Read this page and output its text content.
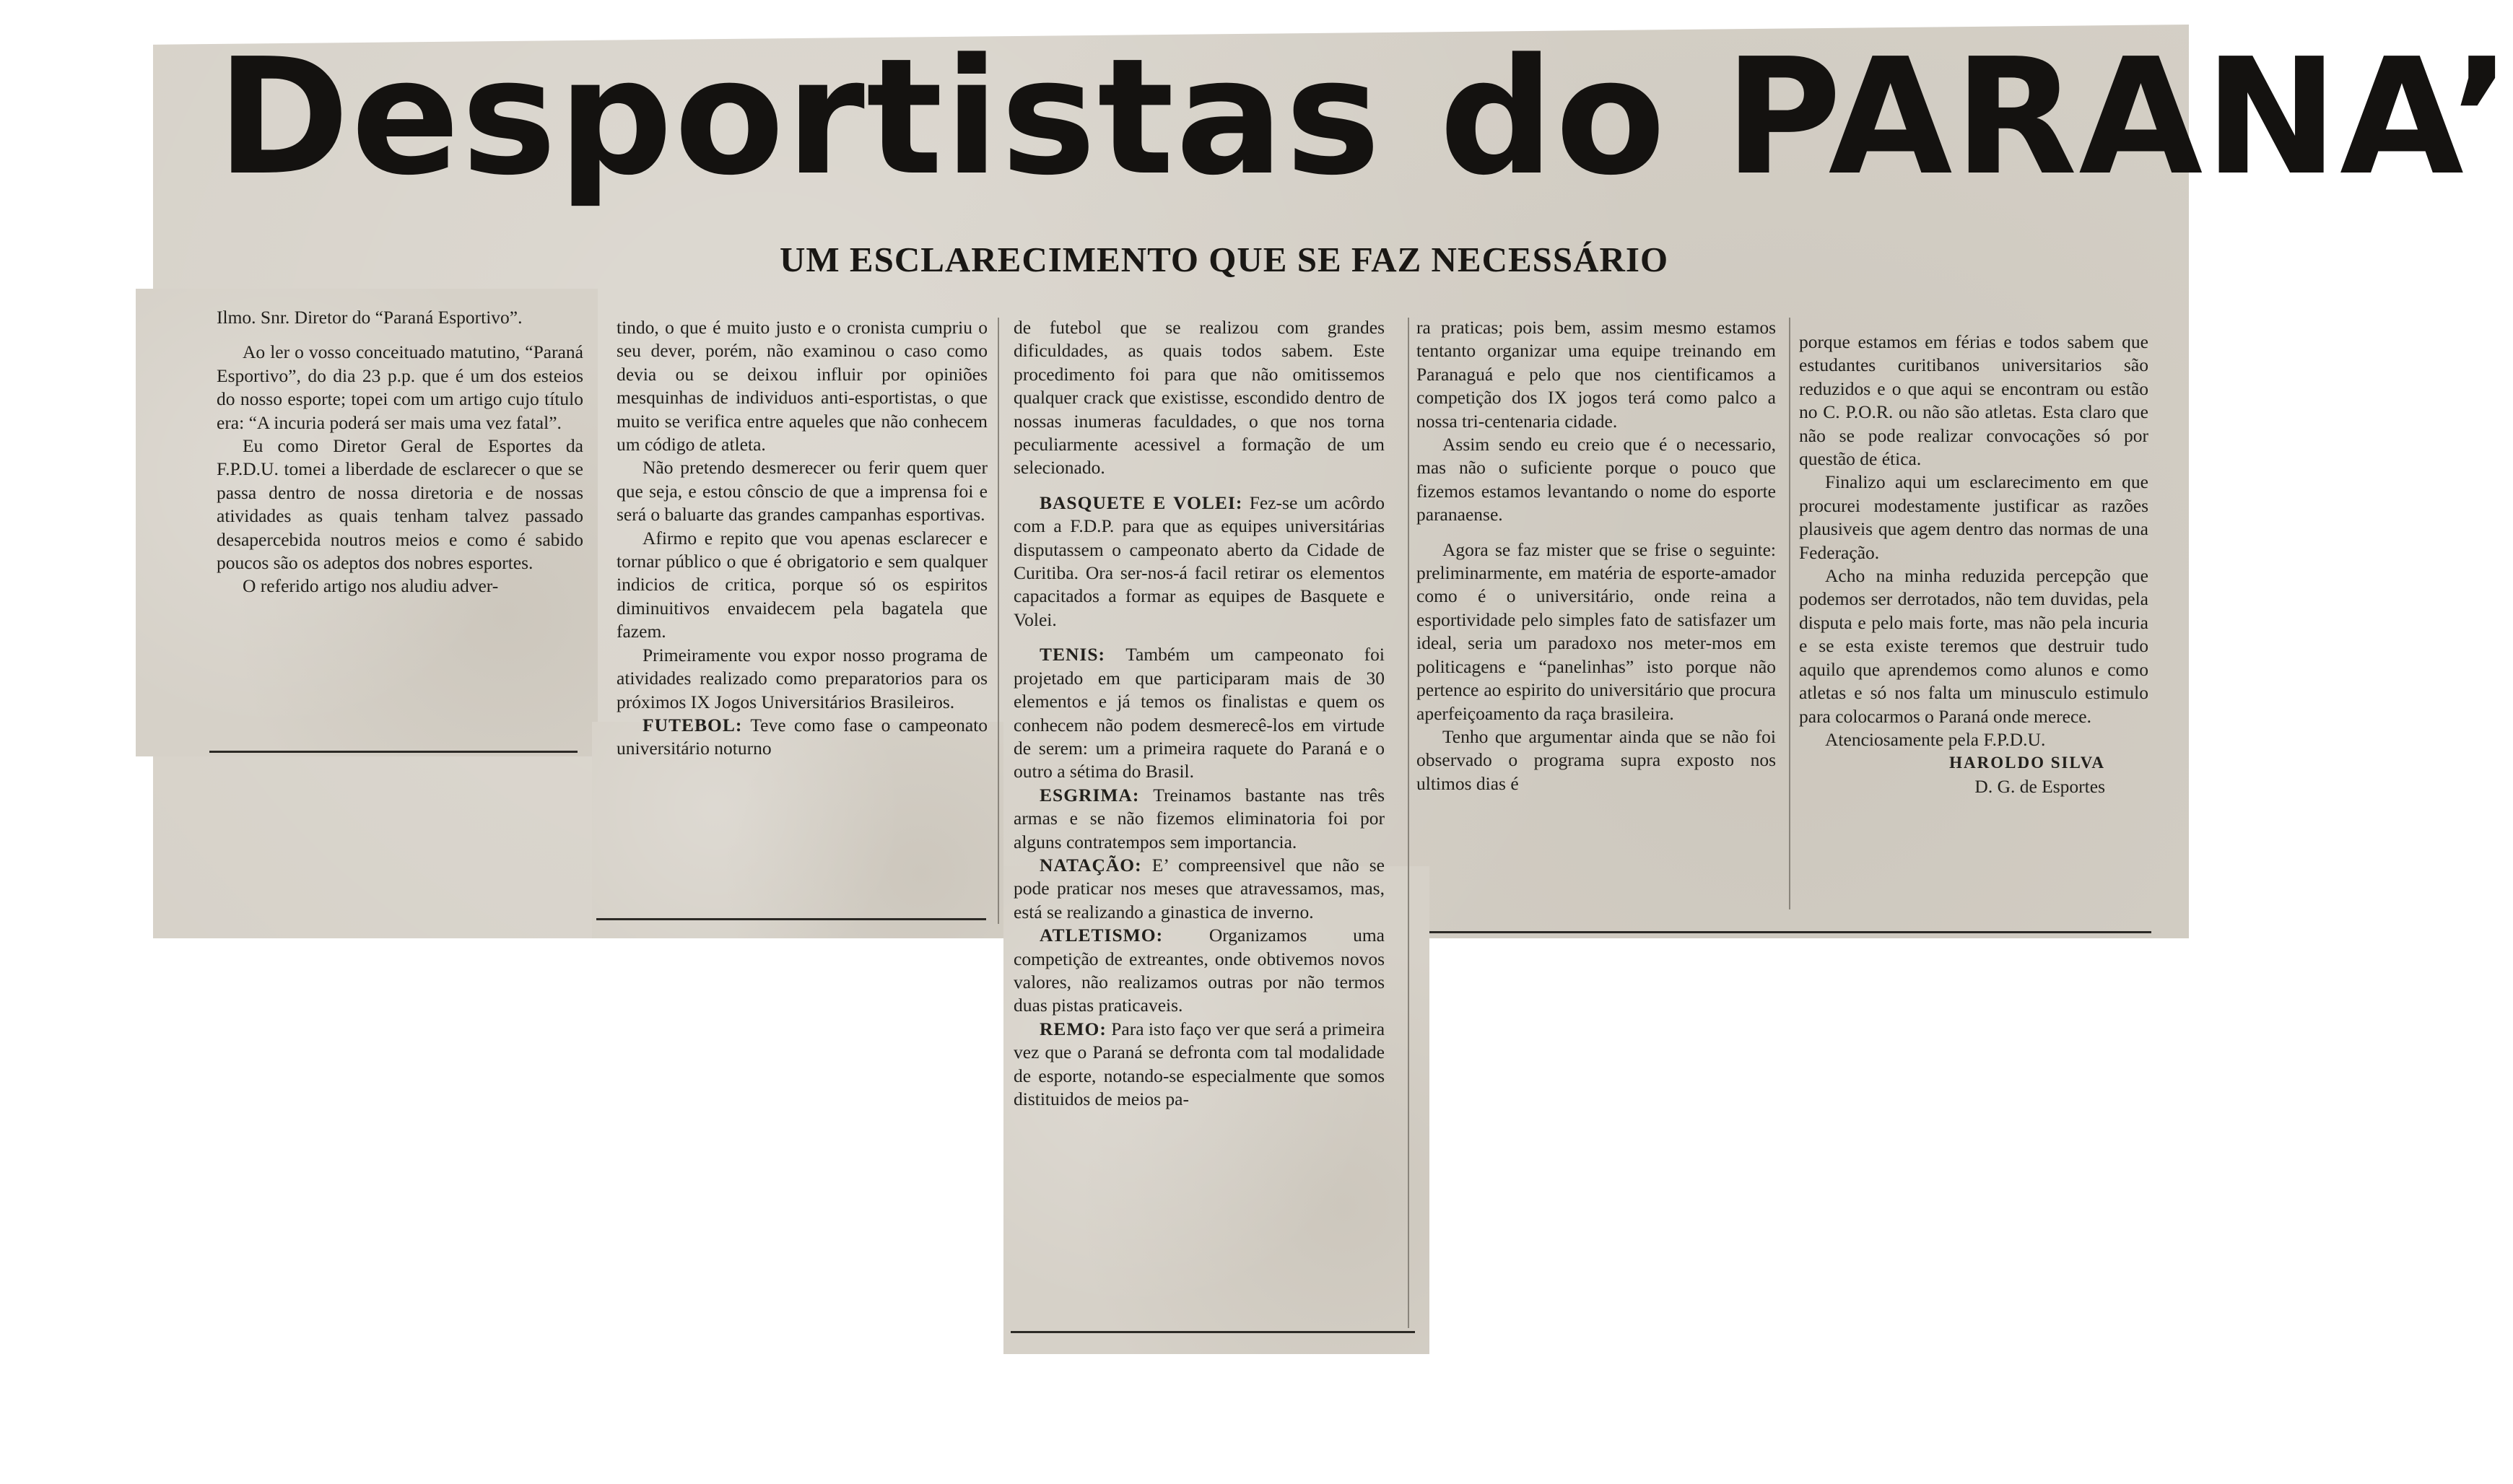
Desportistas do PARANA’
UM ESCLARECIMENTO QUE SE FAZ NECESSÁRIO

Ilmo. Snr. Diretor do “Paraná Esportivo”.

Ao ler o vosso conceituado matutino, “Paraná Esportivo”, do dia 23 p.p. que é um dos esteios do nosso esporte; topei com um artigo cujo título era: “A incuria poderá ser mais uma vez fatal”.

Eu como Diretor Geral de Esportes da F.P.D.U. tomei a liberdade de esclarecer o que se passa dentro de nossa diretoria e de nossas atividades as quais tenham talvez passado desapercebida noutros meios e como é sabido poucos são os adeptos dos nobres esportes.

O referido artigo nos aludiu adver-

tindo, o que é muito justo e o cronista cumpriu o seu dever, porém, não examinou o caso como devia ou se deixou influir por opiniões mesquinhas de individuos anti-esportistas, o que muito se verifica entre aqueles que não conhecem um código de atleta.

Não pretendo desmerecer ou ferir quem quer que seja, e estou cônscio de que a imprensa foi e será o baluarte das grandes campanhas esportivas.

Afirmo e repito que vou apenas esclarecer e tornar público o que é obrigatorio e sem qualquer indicios de critica, porque só os espiritos diminuitivos envaidecem pela bagatela que fazem.

Primeiramente vou expor nosso programa de atividades realizado como preparatorios para os próximos IX Jogos Universitários Brasileiros.

FUTEBOL: Teve como fase o campeonato universitário noturno

de futebol que se realizou com grandes dificuldades, as quais todos sabem. Este procedimento foi para que não omitissemos qualquer crack que existisse, escondido dentro de nossas inumeras faculdades, o que nos torna peculiarmente acessivel a formação de um selecionado.

BASQUETE E VOLEI: Fez-se um acôrdo com a F.D.P. para que as equipes universitárias disputassem o campeonato aberto da Cidade de Curitiba. Ora ser-nos-á facil retirar os elementos capacitados a formar as equipes de Basquete e Volei.

TENIS: Também um campeonato foi projetado em que participaram mais de 30 elementos e já temos os finalistas e quem os conhecem não podem desmerecê-los em virtude de serem: um a primeira raquete do Paraná e o outro a sétima do Brasil.

ESGRIMA: Treinamos bastante nas três armas e se não fizemos eliminatoria foi por alguns contratempos sem importancia.

NATAÇÃO: E’ compreensivel que não se pode praticar nos meses que atravessamos, mas, está se realizando a ginastica de inverno.

ATLETISMO:	Organizamos uma competição de extreantes, onde obtivemos novos valores, não realizamos outras por não termos duas pistas praticaveis.

REMO: Para isto faço ver que será a primeira vez que o Paraná se defronta com tal modalidade de esporte, notando-se especialmente que somos distituidos de meios pa-

ra praticas; pois bem, assim mesmo estamos tentanto organizar uma equipe treinando em Paranaguá e pelo que nos cientificamos a competição dos IX jogos terá como palco a nossa tri-centenaria cidade.

Assim sendo eu creio que é o necessario, mas não o suficiente porque o pouco que fizemos estamos levantando o nome do esporte paranaense.

Agora se faz mister que se frise o seguinte: preliminarmente, em matéria de esporte-amador como é o universitário, onde reina a esportividade pelo simples fato de satisfazer um ideal, seria um paradoxo nos meter-mos em politicagens e “panelinhas” isto porque não pertence ao espirito do universitário que procura aperfeiçoamento da raça brasileira.

Tenho que argumentar ainda que se não foi observado o programa supra exposto nos ultimos dias é

porque estamos em férias e todos sabem que estudantes curitibanos universitarios são reduzidos e o que aqui se encontram ou estão no C. P.O.R. ou não são atletas. Esta claro que não se pode realizar convocações só por questão de ética.

Finalizo aqui um esclarecimento em que procurei modestamente justificar as razões plausiveis que agem dentro das normas de una Federação.

Acho na minha reduzida percepção que podemos ser derrotados, não tem duvidas, pela disputa e pelo mais forte, mas não pela incuria e se esta existe teremos que destruir tudo aquilo que aprendemos como alunos e como atletas e só nos falta um minusculo estimulo para colocarmos o Paraná onde merece.

Atenciosamente pela F.P.D.U.

HAROLDO SILVA

D. G. de Esportes
